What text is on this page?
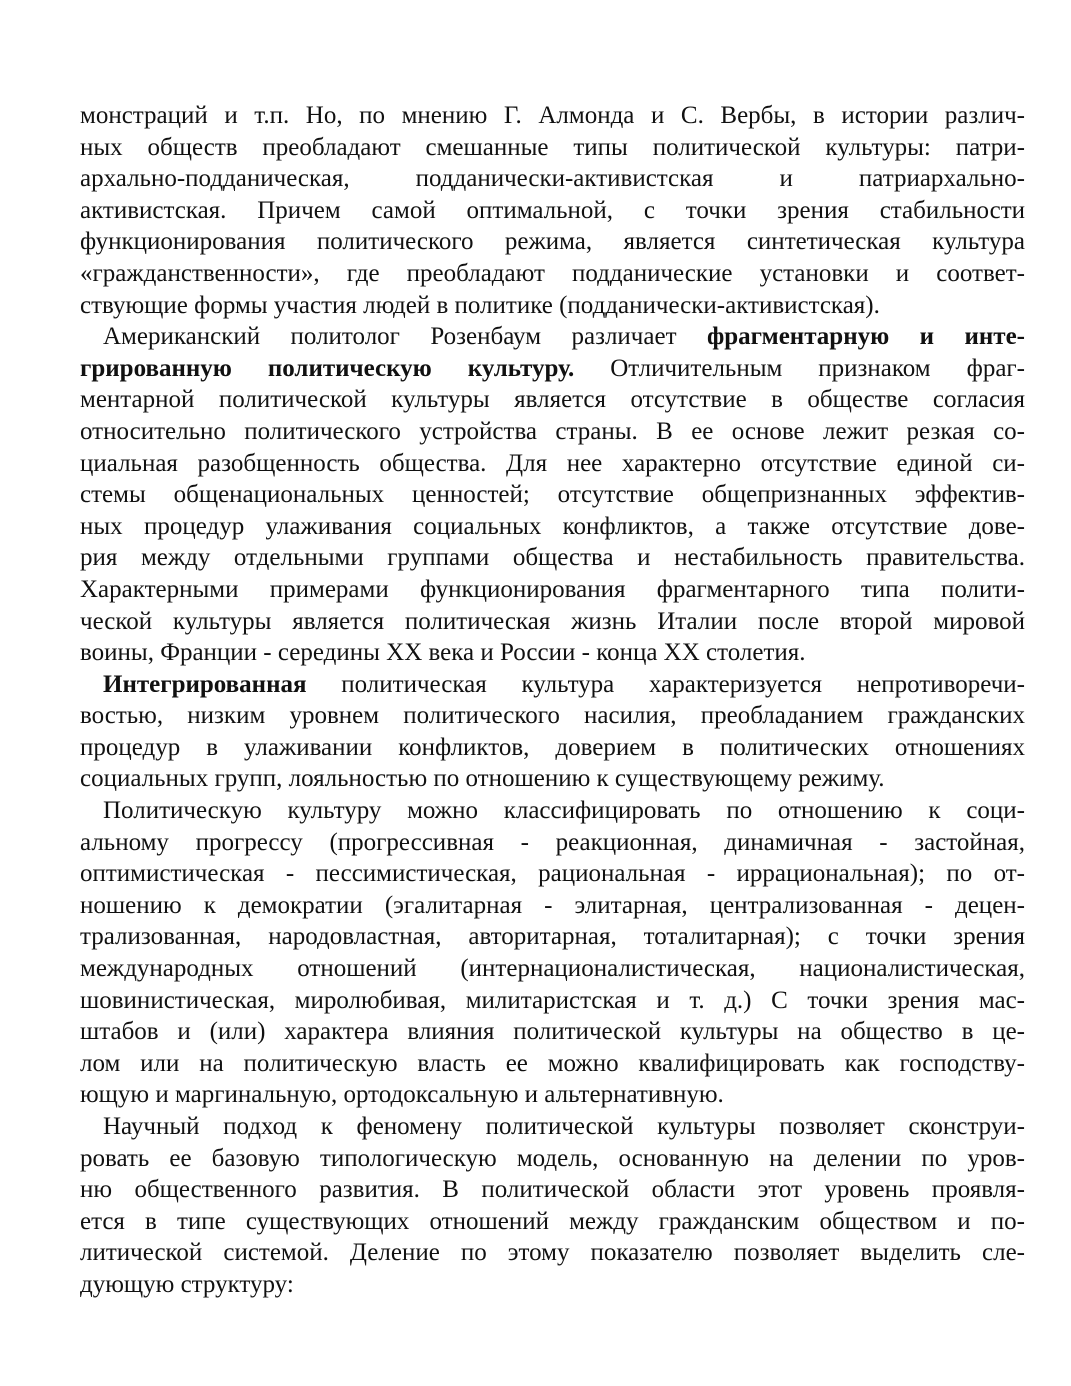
монстраций и т.п. Но, по мнению Г. Алмонда и С. Вербы, в истории различ-
ных обществ преобладают смешанные типы политической культуры: патри-
архально-подданическая, подданически-активистская и патриархально-
активистская. Причем самой оптимальной, с точки зрения стабильности
функционирования политического режима, является синтетическая культура
«гражданственности», где преобладают подданические установки и соответ-
ствующие формы участия людей в политике (подданически-активистская).
Американский политолог Розенбаум различает фрагментарную и инте-
грированную политическую культуру. Отличительным признаком фраг-
ментарной политической культуры является отсутствие в обществе согласия
относительно политического устройства страны. В ее основе лежит резкая со-
циальная разобщенность общества. Для нее характерно отсутствие единой си-
стемы общенациональных ценностей; отсутствие общепризнанных эффектив-
ных процедур улаживания социальных конфликтов, а также отсутствие дове-
рия между отдельными группами общества и нестабильность правительства.
Характерными примерами функционирования фрагментарного типа полити-
ческой культуры является политическая жизнь Италии после второй мировой
воины, Франции - середины XX века и России - конца XX столетия.
Интегрированная политическая культура характеризуется непротиворечи-
востью, низким уровнем политического насилия, преобладанием гражданских
процедур в улаживании конфликтов, доверием в политических отношениях
социальных групп, лояльностью по отношению к существующему режиму.
Политическую культуру можно классифицировать по отношению к соци-
альному прогрессу (прогрессивная - реакционная, динамичная - застойная,
оптимистическая - пессимистическая, рациональная - иррациональная); по от-
ношению к демократии (эгалитарная - элитарная, централизованная - децен-
трализованная, народовластная, авторитарная, тоталитарная); с точки зрения
международных отношений (интернационалистическая, националистическая,
шовинистическая, миролюбивая, милитаристская и т. д.) С точки зрения мас-
штабов и (или) характера влияния политической культуры на общество в це-
лом или на политическую власть ее можно квалифицировать как господству-
ющую и маргинальную, ортодоксальную и альтернативную.
Научный подход к феномену политической культуры позволяет сконструи-
ровать ее базовую типологическую модель, основанную на делении по уров-
ню общественного развития. В политической области этот уровень проявля-
ется в типе существующих отношений между гражданским обществом и по-
литической системой. Деление по этому показателю позволяет выделить сле-
дующую структуру:
